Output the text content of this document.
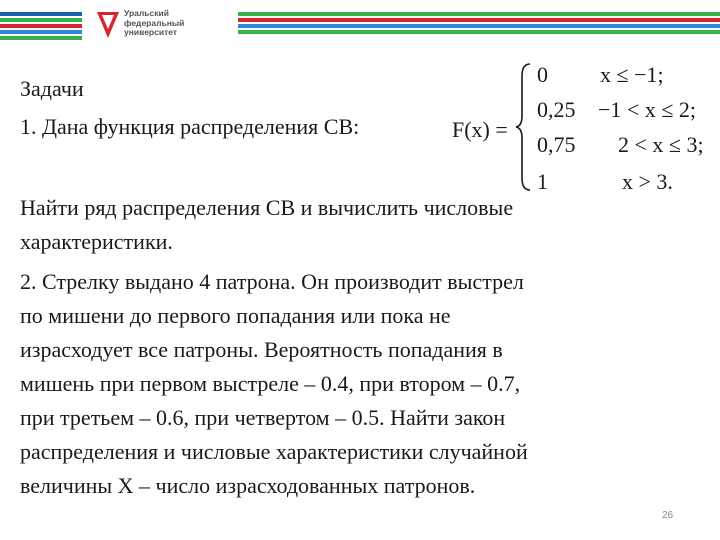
Уральский
федеральный
университет
Задачи
1. Дана функция распределения СВ:	F(x) =
0 x ≤ −1;
0,25 −1 < x ≤ 2;
0,75 2 < x ≤ 3;
1	x > 3.
Найти ряд распределения СВ и вычислить числовые
характеристики.
2. Стрелку выдано 4 патрона. Он производит выстрел
по мишени до первого попадания или пока не
израсходует все патроны. Вероятность попадания в
мишень при первом выстреле – 0.4, при втором – 0.7,
при третьем – 0.6, при четвертом – 0.5. Найти закон
распределения и числовые характеристики случайной
величины X – число израсходованных патронов.
26
